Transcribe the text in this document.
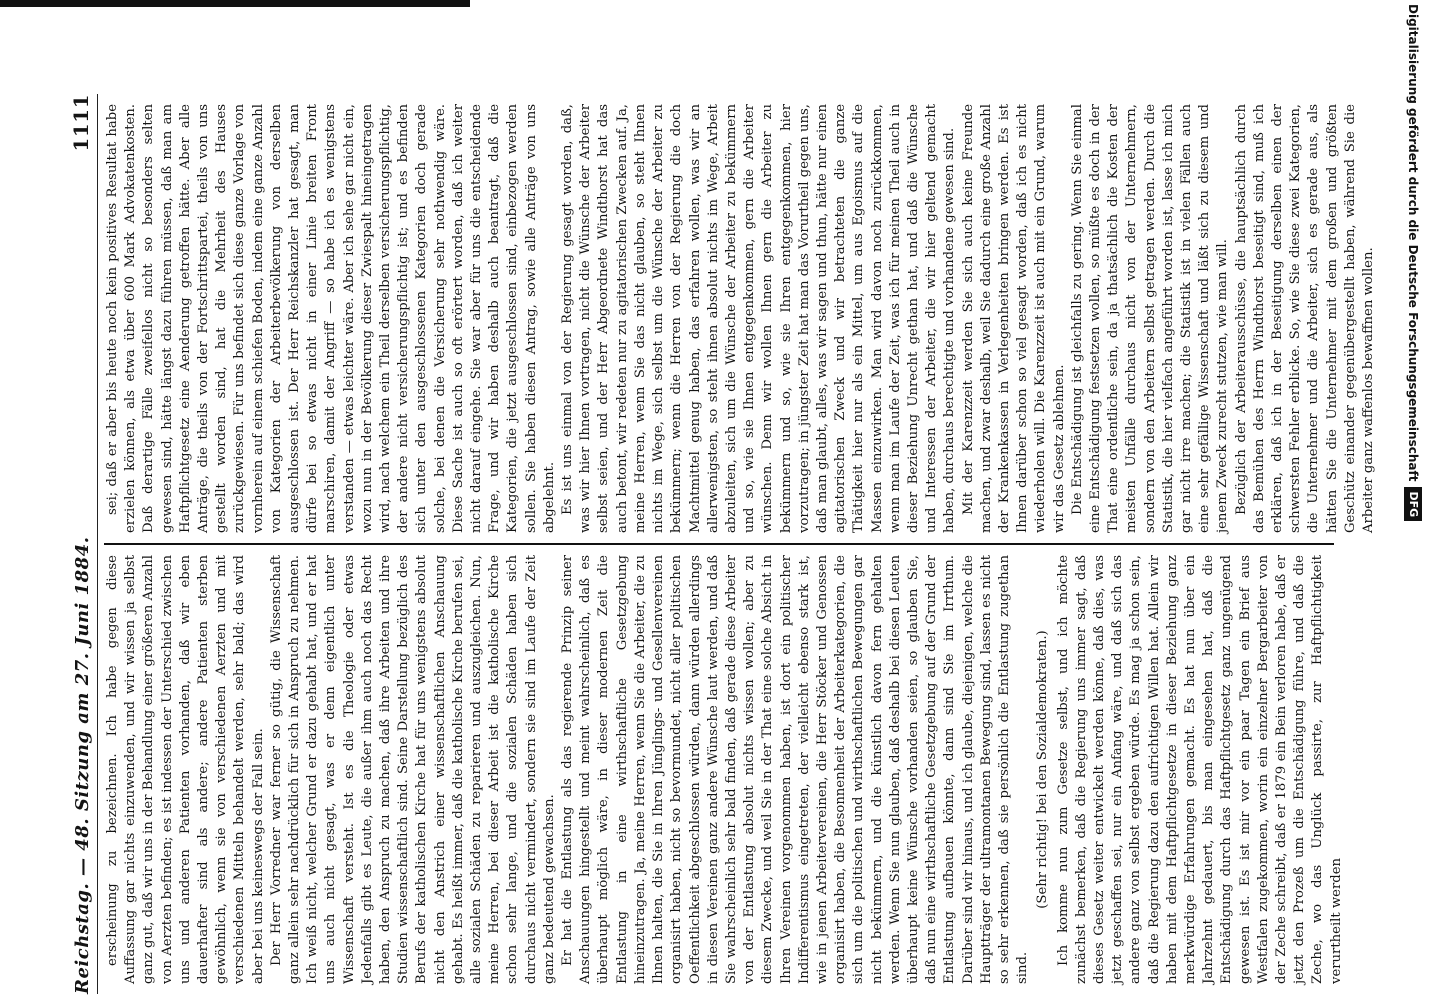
Reichstag. — 48. Sitzung am 27. Juni 1884.
1111

erscheinung zu bezeichnen. Ich habe gegen diese Auffassung gar nichts einzuwenden, und wir wissen ja selbst ganz gut, daß wir uns in der Behandlung einer größeren Anzahl von Aerzten befinden; es ist indessen der Unterschied zwischen uns und anderen Patienten vorhanden, daß wir eben dauerhafter sind als andere; andere Patienten sterben gewöhnlich, wenn sie von verschiedenen Aerzten und mit verschiedenen Mitteln behandelt werden, sehr bald; das wird aber bei uns keineswegs der Fall sein. Der Herr Vorredner war ferner so gütig, die Wissenschaft ganz allein sehr nachdrücklich für sich in Anspruch zu nehmen. Ich weiß nicht, welcher Grund er dazu gehabt hat, und er hat uns auch nicht gesagt, was er denn eigentlich unter Wissenschaft versteht. Ist es die Theologie oder etwas Jedenfalls gibt es Leute, die außer ihm auch noch das Recht haben, den Anspruch zu machen, daß ihre Arbeiten und ihre Studien wissenschaftlich sind. Seine Darstellung bezüglich des Berufs der katholischen Kirche hat für uns wenigstens absolut nicht den Anstrich einer wissenschaftlichen Anschauung gehabt. Es heißt immer, daß die katholische Kirche berufen sei, alle sozialen Schäden zu reparieren und auszugleichen. Nun, meine Herren, bei dieser Arbeit ist die katholische Kirche schon sehr lange, und die sozialen Schäden haben sich durchaus nicht vermindert, sondern sie sind im Laufe der Zeit ganz bedeutend gewachsen. Er hat die Entlastung als das regierende Prinzip seiner Anschauungen hingestellt und meint wahrscheinlich, daß es überhaupt möglich wäre, in dieser modernen Zeit die Entlastung in eine wirthschaftliche Gesetzgebung hineinzutragen. Ja, meine Herren, wenn Sie die Arbeiter, die zu Ihnen halten, die Sie in Ihren Jünglings- und Gesellenvereinen organisirt haben, nicht so bevormundet, nicht aller politischen Oeffentlichkeit abgeschlossen würden, dann würden allerdings in diesen Vereinen ganz andere Wünsche laut werden, und daß Sie wahrscheinlich sehr bald finden, daß gerade diese Arbeiter von der Entlastung absolut nichts wissen wollen; aber zu diesem Zwecke, und weil Sie in der That eine solche Absicht in Ihren Vereinen vorgenommen haben, ist dort ein politischer Indifferentismus eingetreten, der vielleicht ebenso stark ist, wie in jenen Arbeitervereinen, die Herr Stöcker und Genossen organisirt haben, die Besonnenheit der Arbeiterkategorien, die sich um die politischen und wirthschaftlichen Bewegungen gar nicht bekümmern, und die künstlich davon fern gehalten werden. Wenn Sie nun glauben, daß deshalb bei diesen Leuten überhaupt keine Wünsche vorhanden seien, so glauben Sie, daß nun eine wirthschaftliche Gesetzgebung auf der Grund der Entlastung aufbauen könnte, dann sind Sie im Irrthum. Darüber sind wir hinaus, und ich glaube, diejenigen, welche die Hauptträger der ultramontanen Bewegung sind, lassen es nicht so sehr erkennen, daß sie persönlich die Entlastung zugethan sind.

(Sehr richtig! bei den Sozialdemokraten.) Ich komme nun zum Gesetze selbst, und ich möchte zunächst bemerken, daß die Regierung uns immer sagt, daß dieses Gesetz weiter entwickelt werden könne, daß dies, was jetzt geschaffen sei, nur ein Anfang wäre, und daß sich das andere ganz von selbst ergeben würde. Es mag ja schon sein, daß die Regierung dazu den aufrichtigen Willen hat. Allein wir haben mit dem Haftpflichtgesetze in dieser Beziehung ganz merkwürdige Erfahrungen gemacht. Es hat nun über ein Jahrzehnt gedauert, bis man eingesehen hat, daß die Entschädigung durch das Haftpflichtgesetz ganz ungenügend gewesen ist. Es ist mir vor ein paar Tagen ein Brief aus Westfalen zugekommen, worin ein einzelner Bergarbeiter von der Zeche schreibt, daß er 1879 ein Bein verloren habe, daß er jetzt den Prozeß um die Entschädigung führe, und daß die Zeche, wo das Unglück passirte, zur Haftpflichtigkeit verurtheilt werden

sei; daß er aber bis heute noch kein positives Resultat habe erzielen können, als etwa über 600 Mark Advokatenkosten. Daß derartige Fälle zweifellos nicht so besonders selten gewesen sind, hätte längst dazu führen müssen, daß man am Haftpflichtgesetz eine Aenderung getroffen hätte. Aber alle Anträge, die theils von der Fortschrittspartei, theils von uns gestellt worden sind, hat die Mehrheit des Hauses zurückgewiesen. Für uns befindet sich diese ganze Vorlage von vornherein auf einem schiefen Boden, indem eine ganze Anzahl von Kategorien der Arbeiterbevölkerung von derselben ausgeschlossen ist. Der Herr Reichskanzler hat gesagt, man dürfe bei so etwas nicht in einer Linie breiten Front marschiren, damit der Angriff — so habe ich es wenigstens verstanden — etwas leichter wäre. Aber ich sehe gar nicht ein, wozu nun in der Bevölkerung dieser Zwiespalt hineingetragen wird, nach welchem ein Theil derselben versicherungspflichtig, der andere nicht versicherungspflichtig ist; und es befinden sich unter den ausgeschlossenen Kategorien doch gerade solche, bei denen die Versicherung sehr nothwendig wäre. Diese Sache ist auch so oft erörtert worden, daß ich weiter nicht darauf eingehe. Sie war aber für uns die entscheidende Frage, und wir haben deshalb auch beantragt, daß die Kategorien, die jetzt ausgeschlossen sind, einbezogen werden sollen. Sie haben diesen Antrag, sowie alle Anträge von uns abgelehnt. Es ist uns einmal von der Regierung gesagt worden, daß, was wir hier Ihnen vortragen, nicht die Wünsche der Arbeiter selbst seien, und der Herr Abgeordnete Windthorst hat das auch betont, wir redeten nur zu agitatorischen Zwecken auf. Ja, meine Herren, wenn Sie das nicht glauben, so steht Ihnen nichts im Wege, sich selbst um die Wünsche der Arbeiter zu bekümmern; wenn die Herren von der Regierung die doch Machtmittel genug haben, das erfahren wollen, was wir an allerwenigsten, so steht ihnen absolut nichts im Wege, Arbeit abzuleiten, sich um die Wünsche der Arbeiter zu bekümmern und so, wie sie Ihnen entgegenkommen, gern die Arbeiter wünschen. Denn wir wollen Ihnen gern die Arbeiter zu bekümmern und so, wie sie Ihren entgegenkommen, hier vorzutragen; in jüngster Zeit hat man das Vorurtheil gegen uns, daß man glaubt, alles, was wir sagen und thun, hätte nur einen agitatorischen Zweck und wir betrachteten die ganze Thätigkeit hier nur als ein Mittel, um aus Egoismus auf die Massen einzuwirken. Man wird davon noch zurückkommen, wenn man im Laufe der Zeit, was ich für meinen Theil auch in dieser Beziehung Unrecht gethan hat, und daß die Wünsche und Interessen der Arbeiter, die wir hier geltend gemacht haben, durchaus berechtigte und vorhandene gewesen sind. Mit der Karenzzeit werden Sie sich auch keine Freunde machen, und zwar deshalb, weil Sie dadurch eine große Anzahl der Krankenkassen in Verlegenheiten bringen werden. Es ist Ihnen darüber schon so viel gesagt worden, daß ich es nicht wiederholen will. Die Karenzzeit ist auch mit ein Grund, warum wir das Gesetz ablehnen. Die Entschädigung ist gleichfalls zu gering. Wenn Sie einmal eine Entschädigung festsetzen wollen, so müßte es doch in der That eine ordentliche sein, da ja thatsächlich die Kosten der meisten Unfälle durchaus nicht von der Unternehmern, sondern von den Arbeitern selbst getragen werden. Durch die Statistik, die hier vielfach angeführt worden ist, lasse ich mich gar nicht irre machen; die Statistik ist in vielen Fällen auch eine sehr gefällige Wissenschaft und läßt sich zu diesem und jenem Zweck zurecht stutzen, wie man will. Bezüglich der Arbeiterausschüsse, die hauptsächlich durch das Bemühen des Herrn Windthorst beseitigt sind, muß ich erklären, daß ich in der Beseitigung derselben einen der schwersten Fehler erblicke. So, wie Sie diese zwei Kategorien, die Unternehmer und die Arbeiter, sich es gerade aus, als hätten Sie die Unternehmer mit dem großen und größten Geschütz einander gegenübergestellt haben, während Sie die Arbeiter ganz waffenlos bewaffnen wollen.	Digitalisierung gefördert durch die Deutsche Forschungsgemeinschaft
DFG
